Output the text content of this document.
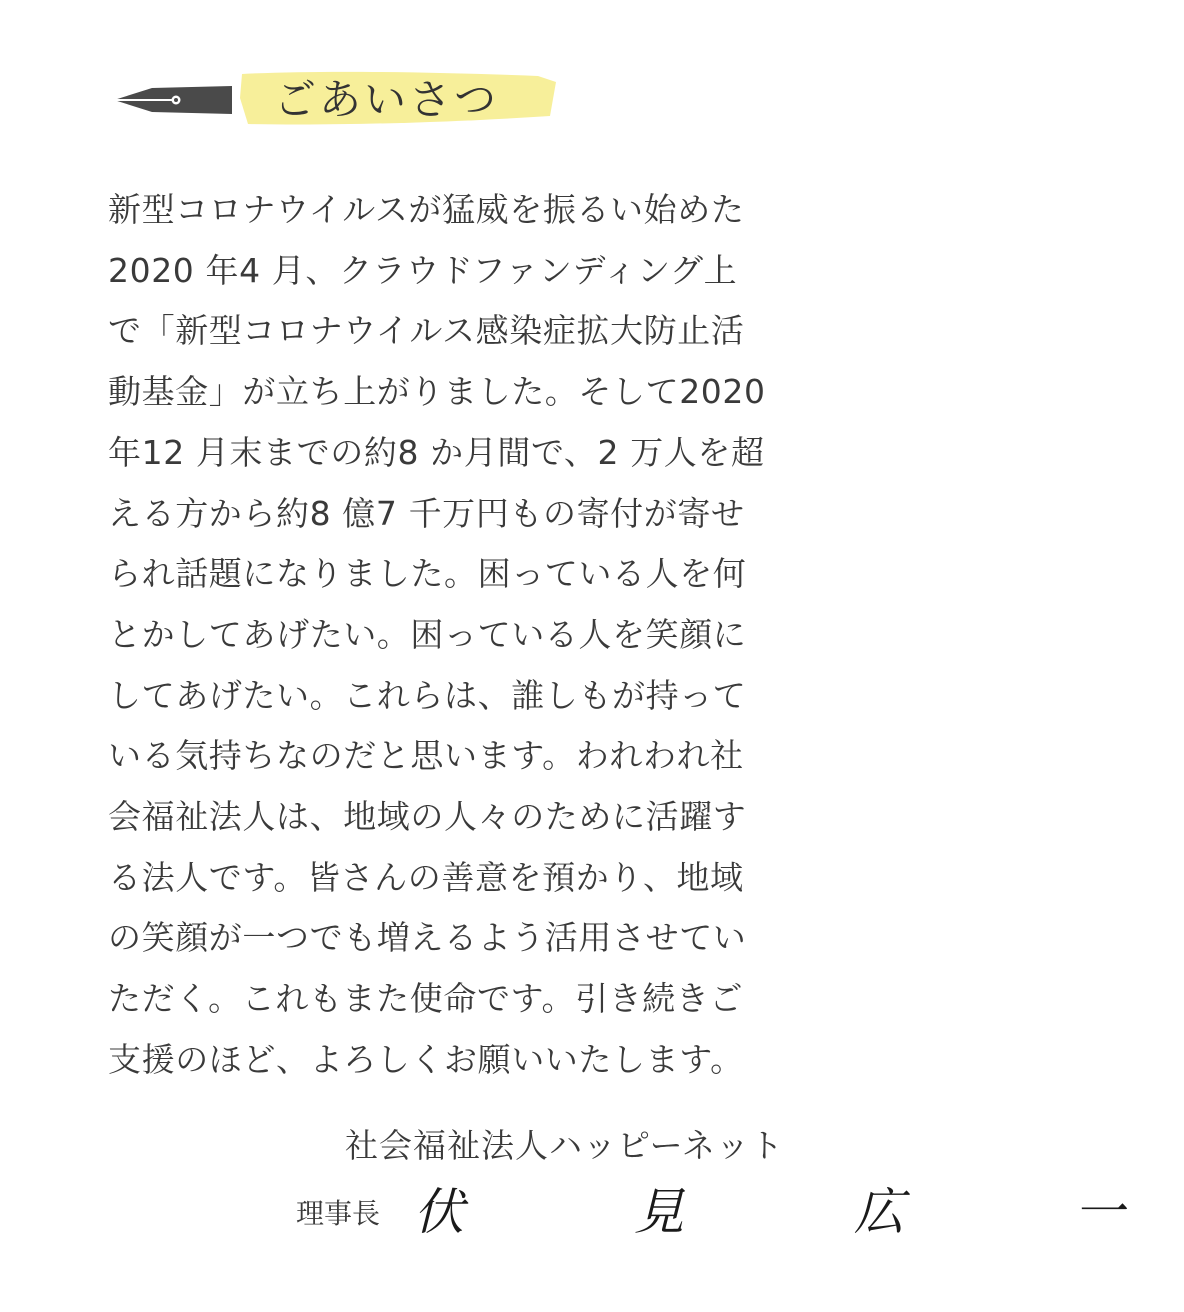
ごあいさつ
新型コロナウイルスが猛威を振るい始めた
2020 年4 月、クラウドファンディング上
で「新型コロナウイルス感染症拡大防止活
動基金」が立ち上がりました。そして2020
年12 月末までの約8 か月間で、2 万人を超
える方から約8 億7 千万円もの寄付が寄せ
られ話題になりました。困っている人を何
とかしてあげたい。困っている人を笑顔に
してあげたい。これらは、誰しもが持って
いる気持ちなのだと思います。われわれ社
会福祉法人は、地域の人々のために活躍す
る法人です。皆さんの善意を預かり、地域
の笑顔が一つでも増えるよう活用させてい
ただく。これもまた使命です。引き続きご
支援のほど、よろしくお願いいたします。
社会福祉法人ハッピーネット
理事長 伏　見　広　一
